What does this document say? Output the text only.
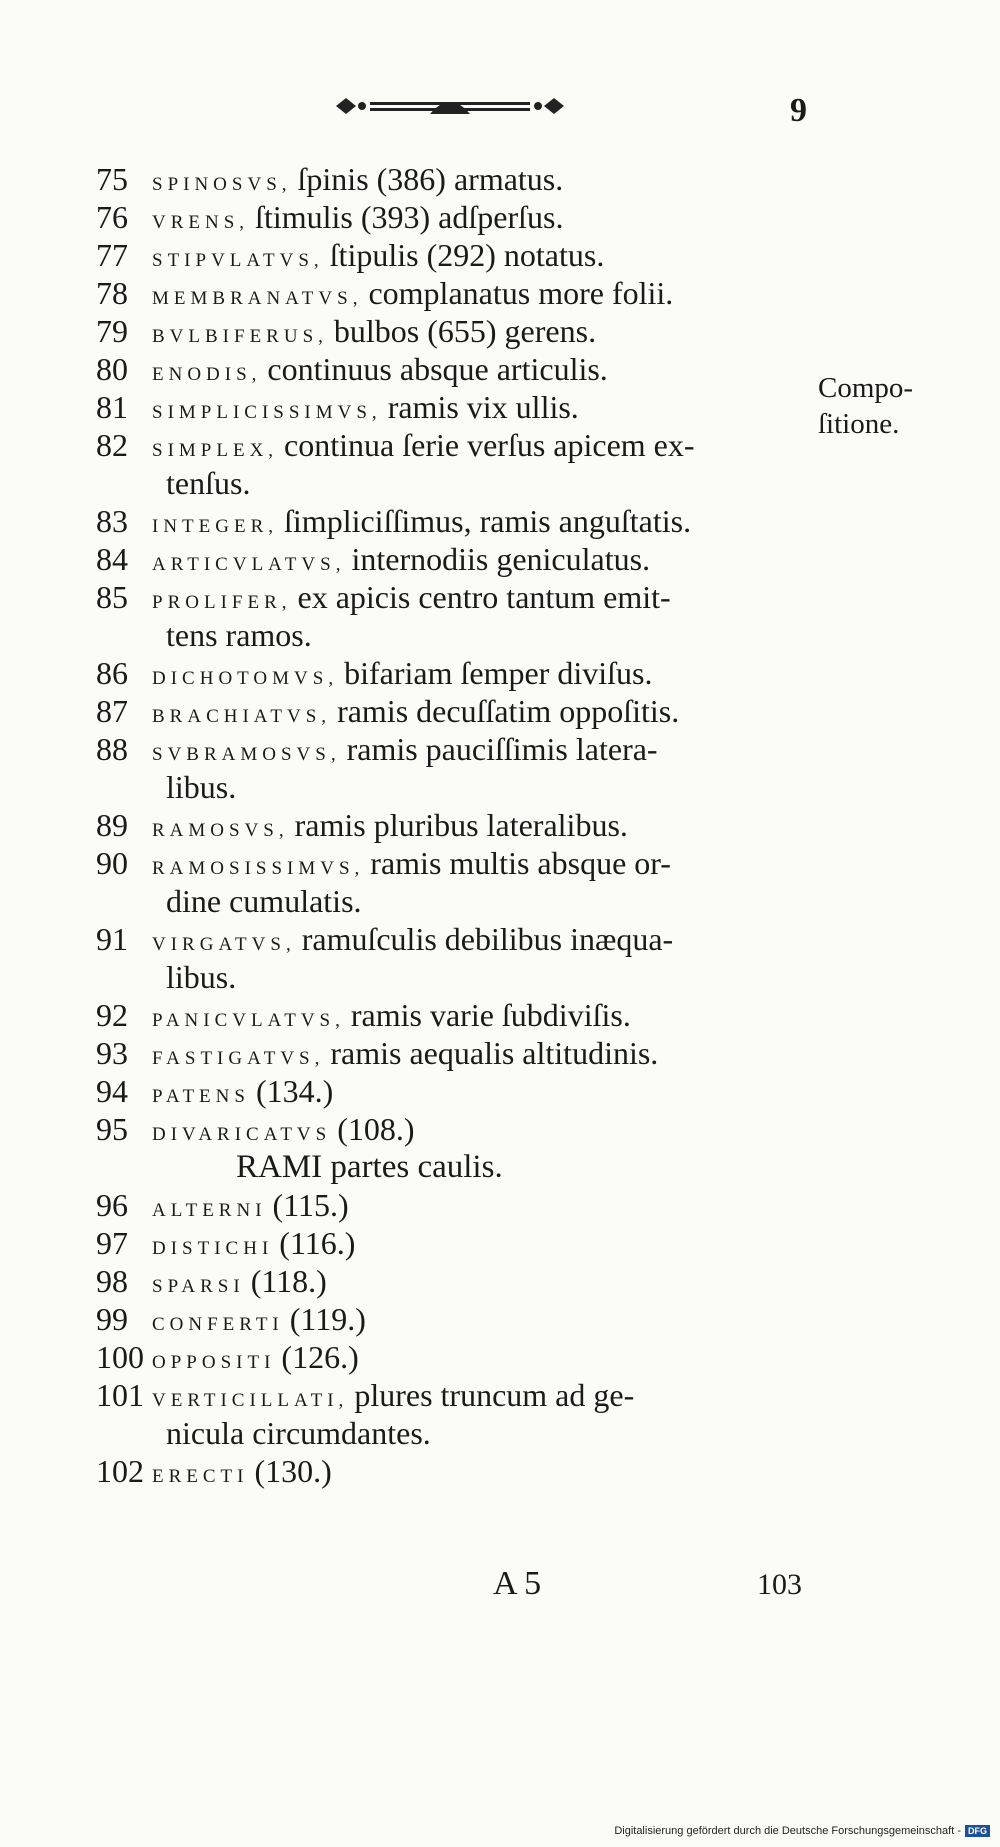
9
75 SPINOSVS, ſpinis (386) armatus.
76 VRENS, ſtimulis (393) adſperſus.
77 STIPVLATVS, ſtipulis (292) notatus.
78 MEMBRANATVS, complanatus more folii.
79 BVLBIFERUS, bulbos (655) gerens.
80 ENODIS, continuus absque articulis.
81 SIMPLICISSIMVS, ramis vix ullis.
82 SIMPLEX, continua ſerie verſus apicem ex-
tenſus.
83 INTEGER, ſimpliciſſimus, ramis anguſtatis.
84 ARTICVLATVS, internodiis geniculatus.
85 PROLIFER, ex apicis centro tantum emit-
tens ramos.
86 DICHOTOMVS, bifariam ſemper diviſus.
87 BRACHIATVS, ramis decuſſatim oppoſitis.
88 SVBRAMOSVS, ramis pauciſſimis latera-
libus.
89 RAMOSVS, ramis pluribus lateralibus.
90 RAMOSISSIMVS, ramis multis absque or-
dine cumulatis.
91 VIRGATVS, ramuſculis debilibus inæqua-
libus.
92 PANICVLATVS, ramis varie ſubdiviſis.
93 FASTIGATVS, ramis aequalis altitudinis.
94 PATENS (134.)
95 DIVARICATVS (108.)
RAMI partes caulis.
96 ALTERNI (115.)
97 DISTICHI (116.)
98 SPARSI (118.)
99 CONFERTI (119.)
100 OPPOSITI (126.)
101 VERTICILLATI, plures truncum ad ge-
nicula circumdantes.
102 ERECTI (130.)
Compo-
ſitione.
A 5	103
Digitalisierung gefördert durch die Deutsche Forschungsgemeinschaft - DFG
